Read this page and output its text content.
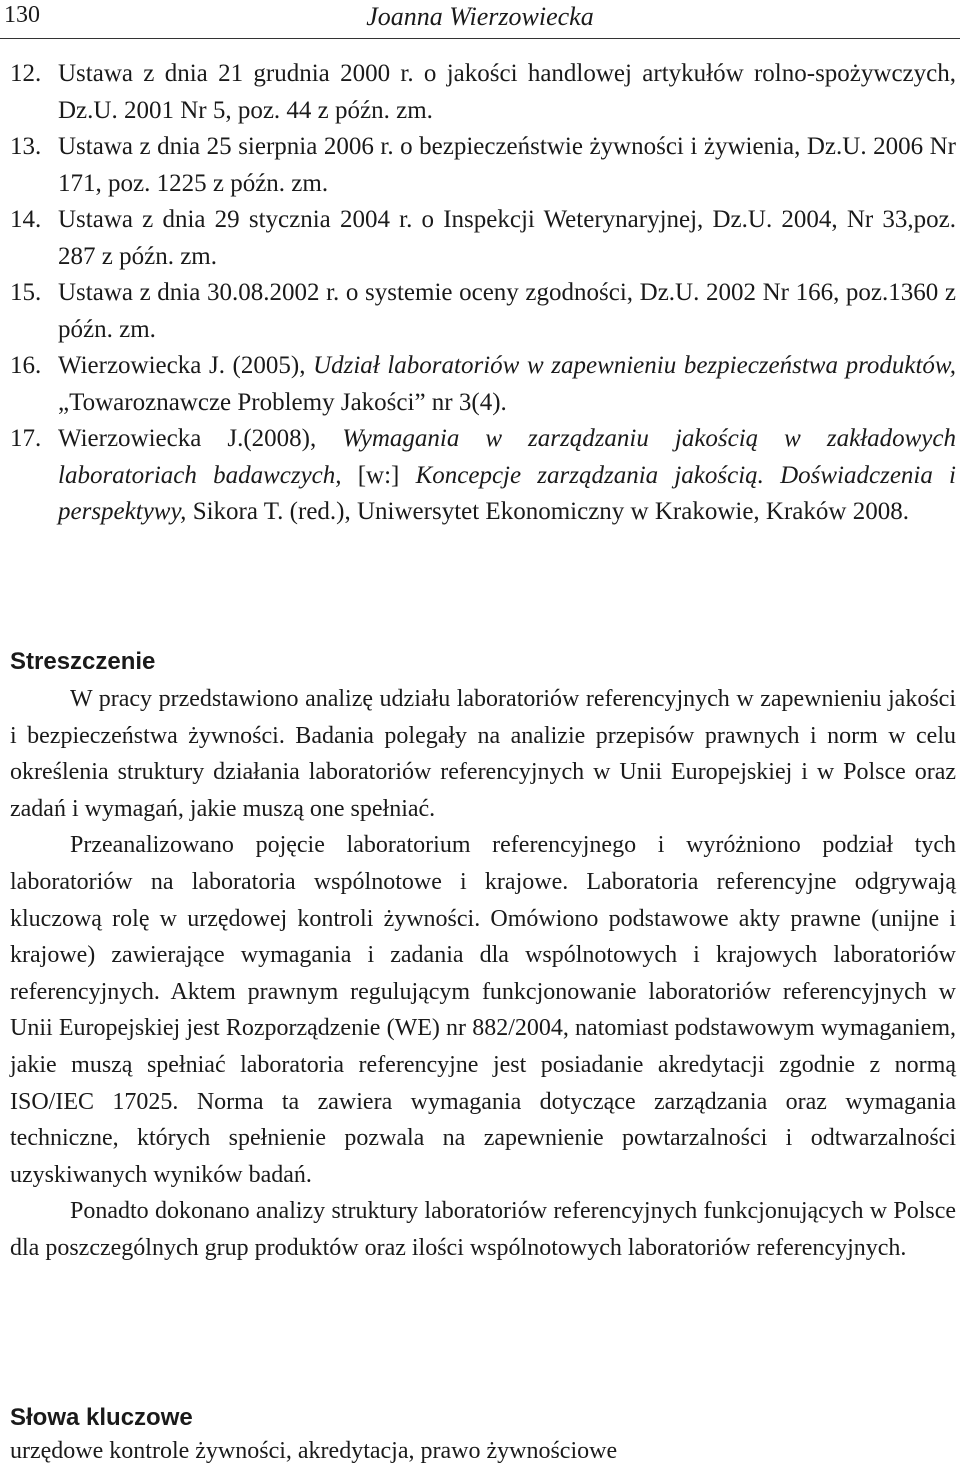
130	Joanna Wierzowiecka
12. Ustawa z dnia 21 grudnia 2000 r. o jakości handlowej artykułów rolno-spożywczych, Dz.U. 2001 Nr 5, poz. 44 z późn. zm.
13. Ustawa z dnia 25 sierpnia 2006 r. o bezpieczeństwie żywności i żywienia, Dz.U. 2006 Nr 171, poz. 1225 z późn. zm.
14. Ustawa z dnia 29 stycznia 2004 r. o Inspekcji Weterynaryjnej, Dz.U. 2004, Nr 33,poz. 287 z późn. zm.
15. Ustawa z dnia 30.08.2002 r. o systemie oceny zgodności, Dz.U. 2002 Nr 166, poz.1360 z późn. zm.
16. Wierzowiecka J. (2005), Udział laboratoriów w zapewnieniu bezpieczeństwa produktów, „Towaroznawcze Problemy Jakości” nr 3(4).
17. Wierzowiecka J.(2008), Wymagania w zarządzaniu jakością w zakładowych laboratoriach badawczych, [w:] Koncepcje zarządzania jakością. Doświadczenia i perspektywy, Sikora T. (red.), Uniwersytet Ekonomiczny w Krakowie, Kraków 2008.
Streszczenie

W pracy przedstawiono analizę udziału laboratoriów referencyjnych w zapewnieniu jakości i bezpieczeństwa żywności. Badania polegały na analizie przepisów prawnych i norm w celu określenia struktury działania laboratoriów referencyjnych w Unii Europejskiej i w Polsce oraz zadań i wymagań, jakie muszą one spełniać.

Przeanalizowano pojęcie laboratorium referencyjnego i wyróżniono podział tych laboratoriów na laboratoria wspólnotowe i krajowe. Laboratoria referencyjne odgrywają kluczową rolę w urzędowej kontroli żywności. Omówiono podstawowe akty prawne (unijne i krajowe) zawierające wymagania i zadania dla wspólnotowych i krajowych laboratoriów referencyjnych. Aktem prawnym regulującym funkcjonowanie laboratoriów referencyjnych w Unii Europejskiej jest Rozporządzenie (WE) nr 882/2004, natomiast podstawowym wymaganiem, jakie muszą spełniać laboratoria referencyjne jest posiadanie akredytacji zgodnie z normą ISO/IEC 17025. Norma ta zawiera wymagania dotyczące zarządzania oraz wymagania techniczne, których spełnienie pozwala na zapewnienie powtarzalności i odtwarzalności uzyskiwanych wyników badań.

Ponadto dokonano analizy struktury laboratoriów referencyjnych funkcjonujących w Polsce dla poszczególnych grup produktów oraz ilości wspólnotowych laboratoriów referencyjnych.

Słowa kluczowe
urzędowe kontrole żywności, akredytacja, prawo żywnościowe
